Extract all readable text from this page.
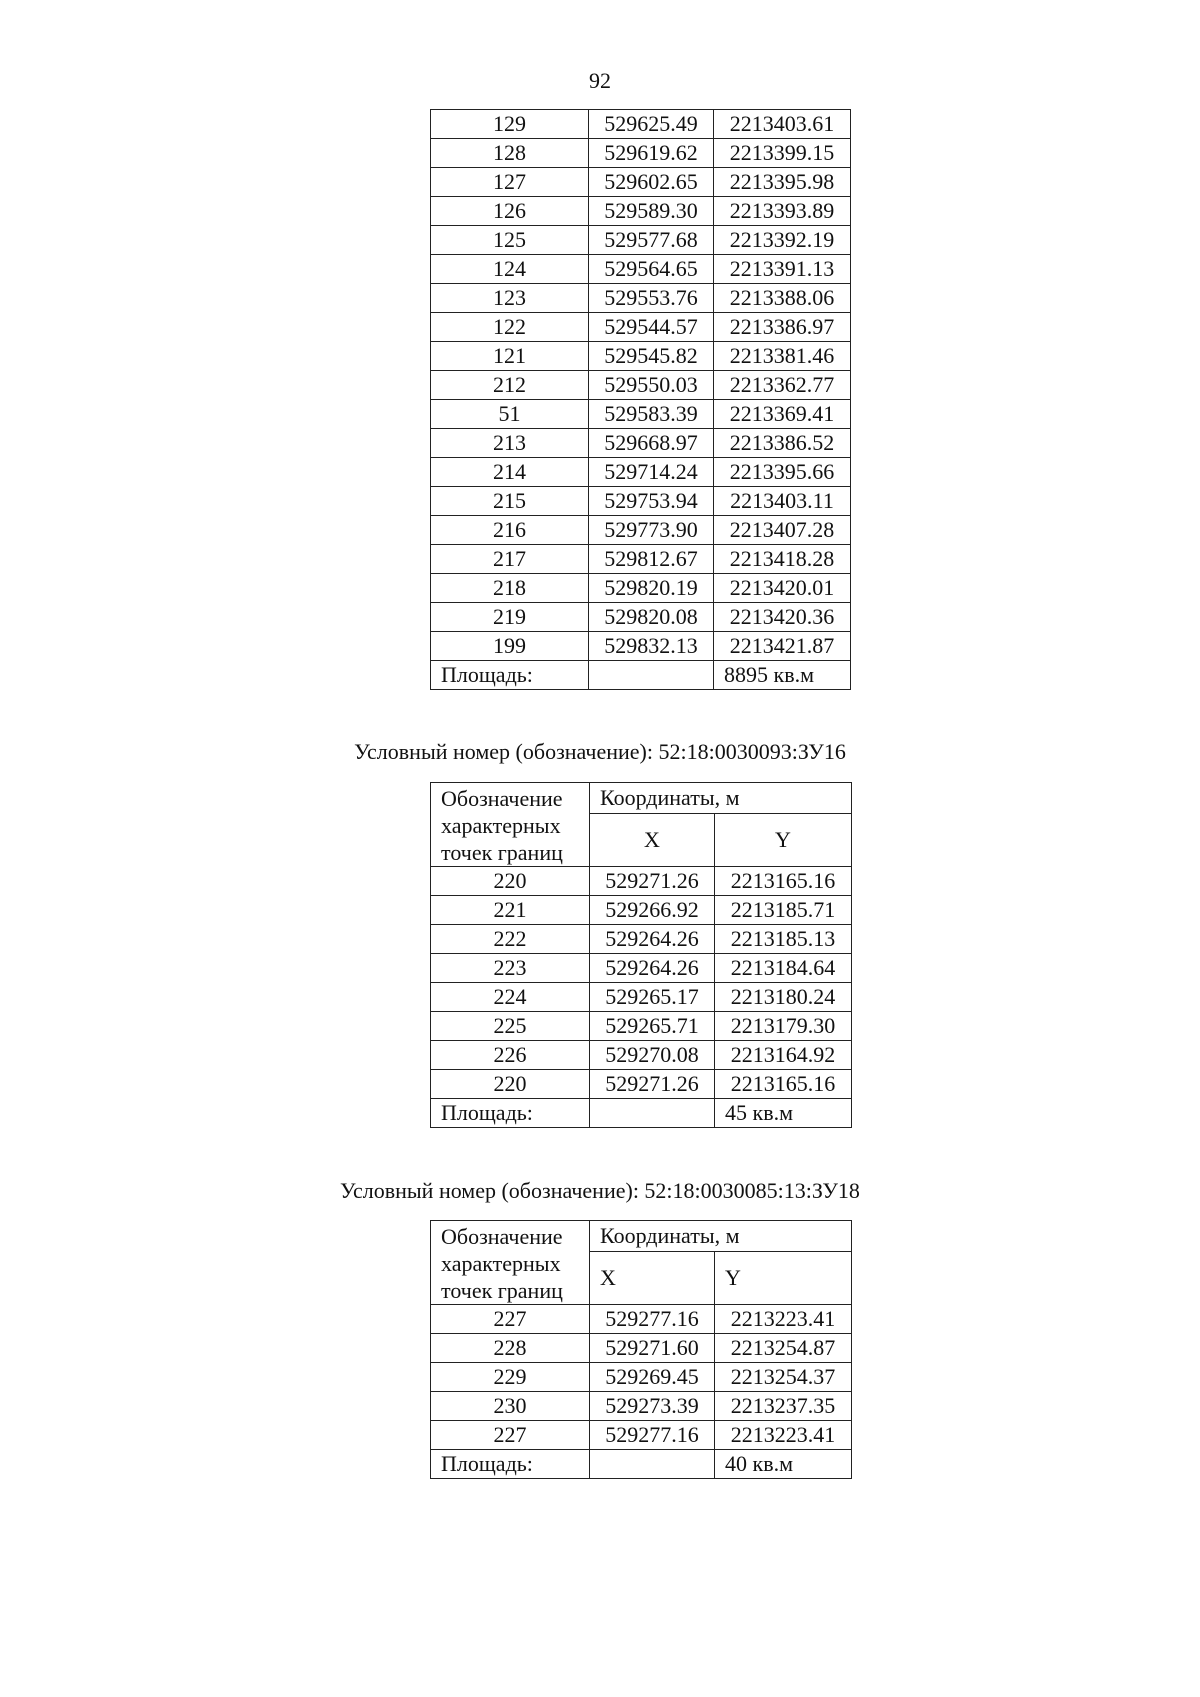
92
129	529625.49	2213403.61
128	529619.62	2213399.15
127	529602.65	2213395.98
126	529589.30	2213393.89
125	529577.68	2213392.19
124	529564.65	2213391.13
123	529553.76	2213388.06
122	529544.57	2213386.97
121	529545.82	2213381.46
212	529550.03	2213362.77
51	529583.39	2213369.41
213	529668.97	2213386.52
214	529714.24	2213395.66
215	529753.94	2213403.11
216	529773.90	2213407.28
217	529812.67	2213418.28
218	529820.19	2213420.01
219	529820.08	2213420.36
199	529832.13	2213421.87
Площадь:		8895 кв.м
Условный номер (обозначение): 52:18:0030093:ЗУ16
Обозначение характерных точек границ	Координаты, м	
	X	Y
220	529271.26	2213165.16
221	529266.92	2213185.71
222	529264.26	2213185.13
223	529264.26	2213184.64
224	529265.17	2213180.24
225	529265.71	2213179.30
226	529270.08	2213164.92
220	529271.26	2213165.16
Площадь:		45 кв.м
Условный номер (обозначение): 52:18:0030085:13:ЗУ18
Обозначение характерных точек границ	Координаты, м	
	X	Y
227	529277.16	2213223.41
228	529271.60	2213254.87
229	529269.45	2213254.37
230	529273.39	2213237.35
227	529277.16	2213223.41
Площадь:		40 кв.м
